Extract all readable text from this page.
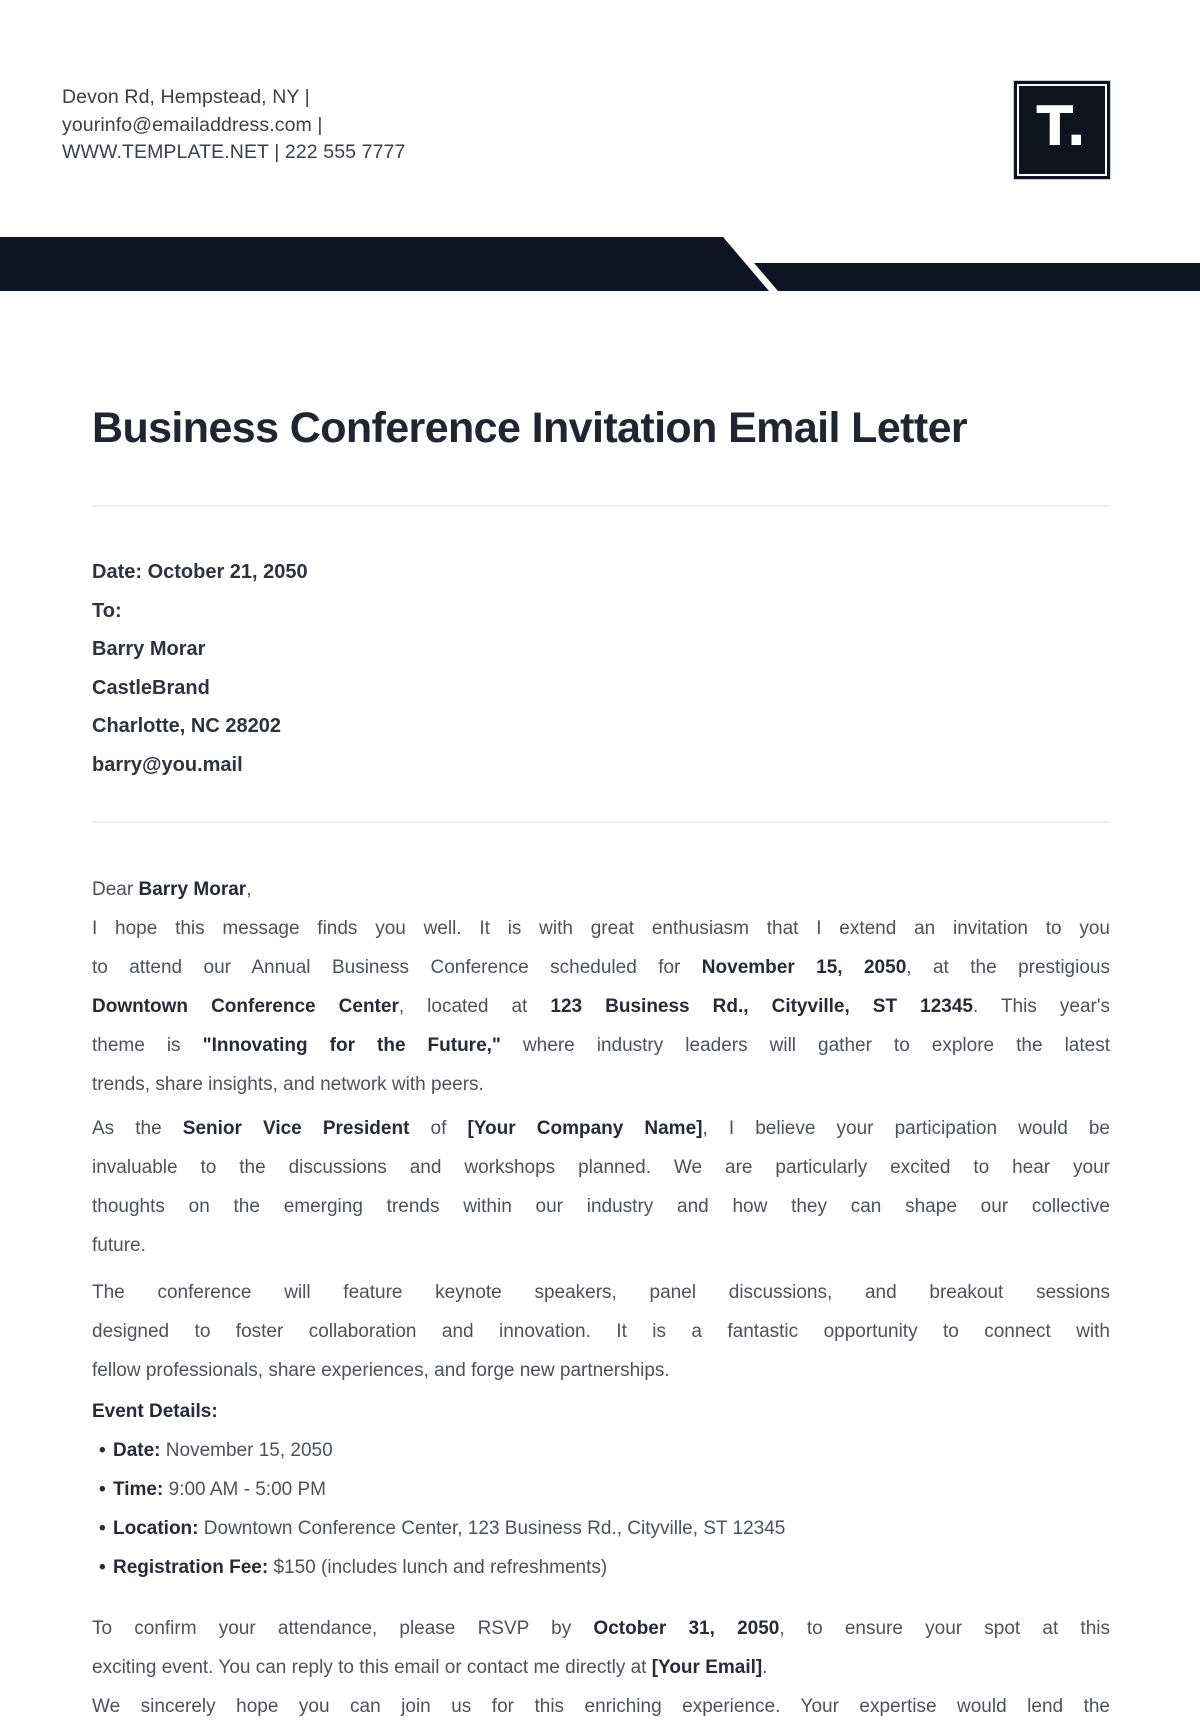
Devon Rd, Hempstead, NY |
yourinfo@emailaddress.com |
WWW.TEMPLATE.NET | 222 555 7777	T.
Business Conference Invitation Email Letter
Date: October 21, 2050
To:
Barry Morar
CastleBrand
Charlotte, NC 28202
barry@you.mail
Dear Barry Morar,
I hope this message finds you well. It is with great enthusiasm that I extend an invitation to you
to attend our Annual Business Conference scheduled for November 15, 2050, at the prestigious
Downtown Conference Center, located at 123 Business Rd., Cityville, ST 12345. This year's
theme is "Innovating for the Future," where industry leaders will gather to explore the latest
trends, share insights, and network with peers.
As the Senior Vice President of [Your Company Name], I believe your participation would be
invaluable to the discussions and workshops planned. We are particularly excited to hear your
thoughts on the emerging trends within our industry and how they can shape our collective
future.
The conference will feature keynote speakers, panel discussions, and breakout sessions
designed to foster collaboration and innovation. It is a fantastic opportunity to connect with
fellow professionals, share experiences, and forge new partnerships.
Event Details:
• Date: November 15, 2050
• Time: 9:00 AM - 5:00 PM
• Location: Downtown Conference Center, 123 Business Rd., Cityville, ST 12345
• Registration Fee: $150 (includes lunch and refreshments)
To confirm your attendance, please RSVP by October 31, 2050, to ensure your spot at this
exciting event. You can reply to this email or contact me directly at [Your Email].
We sincerely hope you can join us for this enriching experience. Your expertise would lend the
